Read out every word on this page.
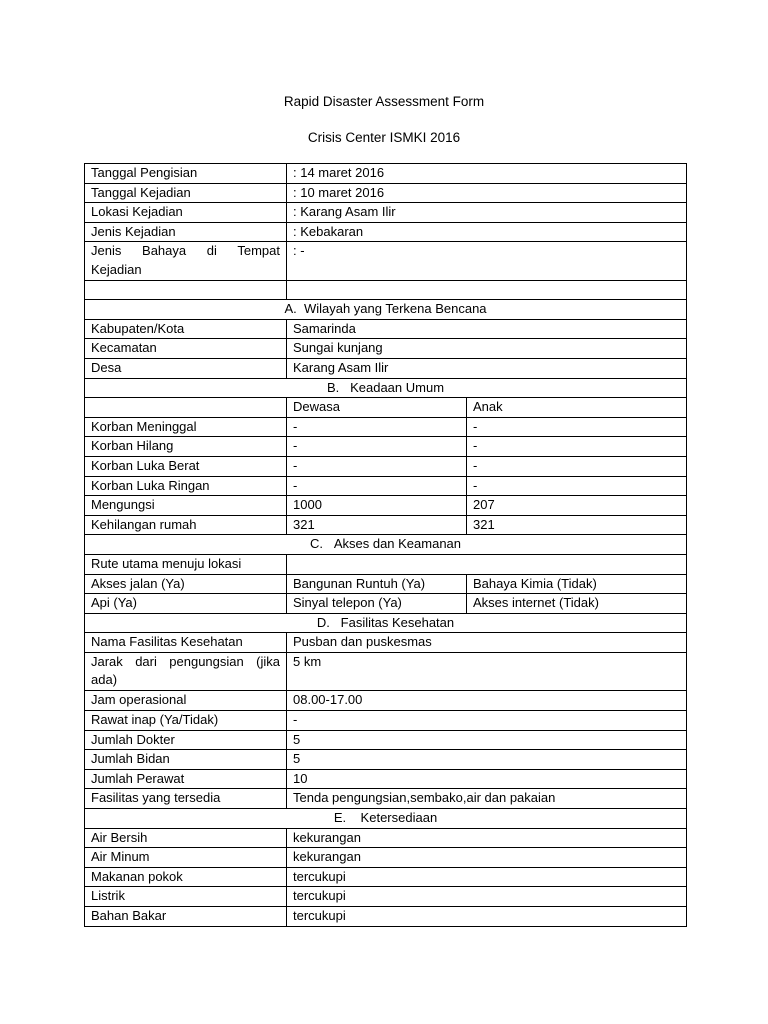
Rapid Disaster Assessment Form
Crisis Center ISMKI 2016
Tanggal Pengisian	: 14 maret 2016	
Tanggal Kejadian	: 10 maret 2016	
Lokasi Kejadian	: Karang Asam Ilir	
Jenis Kejadian	: Kebakaran	

Jenis Bahaya di Tempat
Kejadian	: -	

A.  Wilayah yang Terkena Bencana		
Kabupaten/Kota	Samarinda	
Kecamatan	Sungai kunjang	
Desa	Karang Asam Ilir	
B.   Keadaan Umum		
	Dewasa	Anak
Korban Meninggal	-	-
Korban Hilang	-	-
Korban Luka Berat	-	-
Korban Luka Ringan	-	-
Mengungsi	1000	207
Kehilangan rumah	321	321
C.   Akses dan Keamanan		
Rute utama menuju lokasi		
Akses jalan (Ya)	Bangunan Runtuh (Ya)	Bahaya Kimia (Tidak)
Api (Ya)	Sinyal telepon (Ya)	Akses internet (Tidak)
D.   Fasilitas Kesehatan		
Nama Fasilitas Kesehatan	Pusban dan puskesmas	

Jarak dari pengungsian (jika
ada)	5 km	
Jam operasional	08.00-17.00	
Rawat inap (Ya/Tidak)	-	
Jumlah Dokter	5	
Jumlah Bidan	5	
Jumlah Perawat	10	
Fasilitas yang tersedia	Tenda pengungsian,sembako,air dan pakaian	
E.    Ketersediaan		
Air Bersih	kekurangan	
Air Minum	kekurangan	
Makanan pokok	tercukupi	
Listrik	tercukupi	
Bahan Bakar	tercukupi	
